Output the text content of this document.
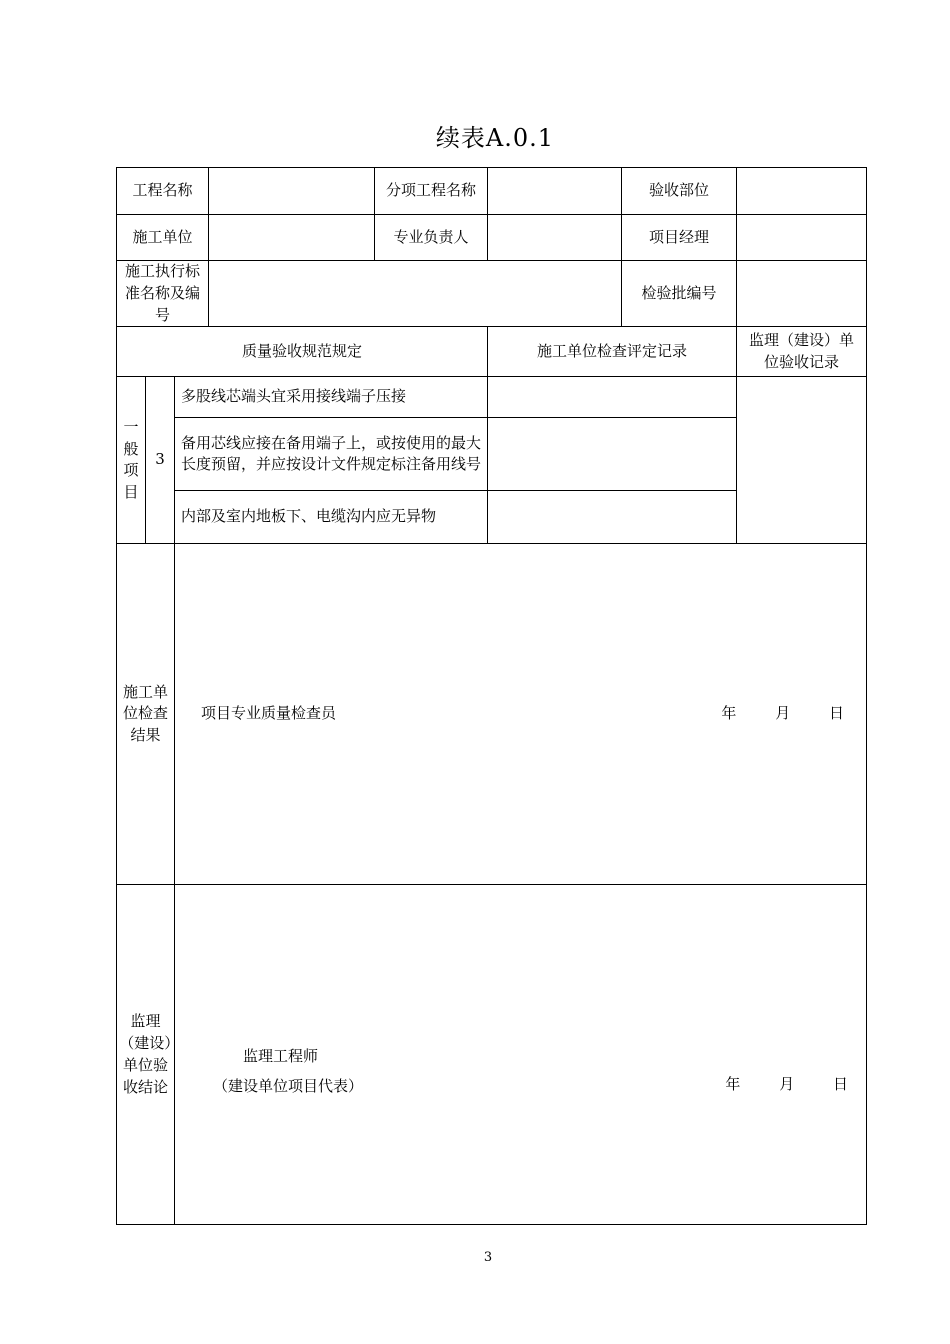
续表A.0.1
工程名称				分项工程名称		验收部位	
施工单位				专业负责人		项目经理	
施工执行标准名称及编号						检验批编号	
质量验收规范规定					施工单位检查评定记录		监理（建设）单位验收记录
一般项目	3	多股线芯端头宜采用接线端子压接					
		备用芯线应接在备用端子上，或按使用的最大长度预留，并应按设计文件规定标注备用线号					
		内部及室内地板下、电缆沟内应无异物					
施工单位检查结果		项目专业质量检查员 年 月 日					

监理（建设）单位验收结论		监理工程师
（建设单位项目代表） 年 月 日					
3
